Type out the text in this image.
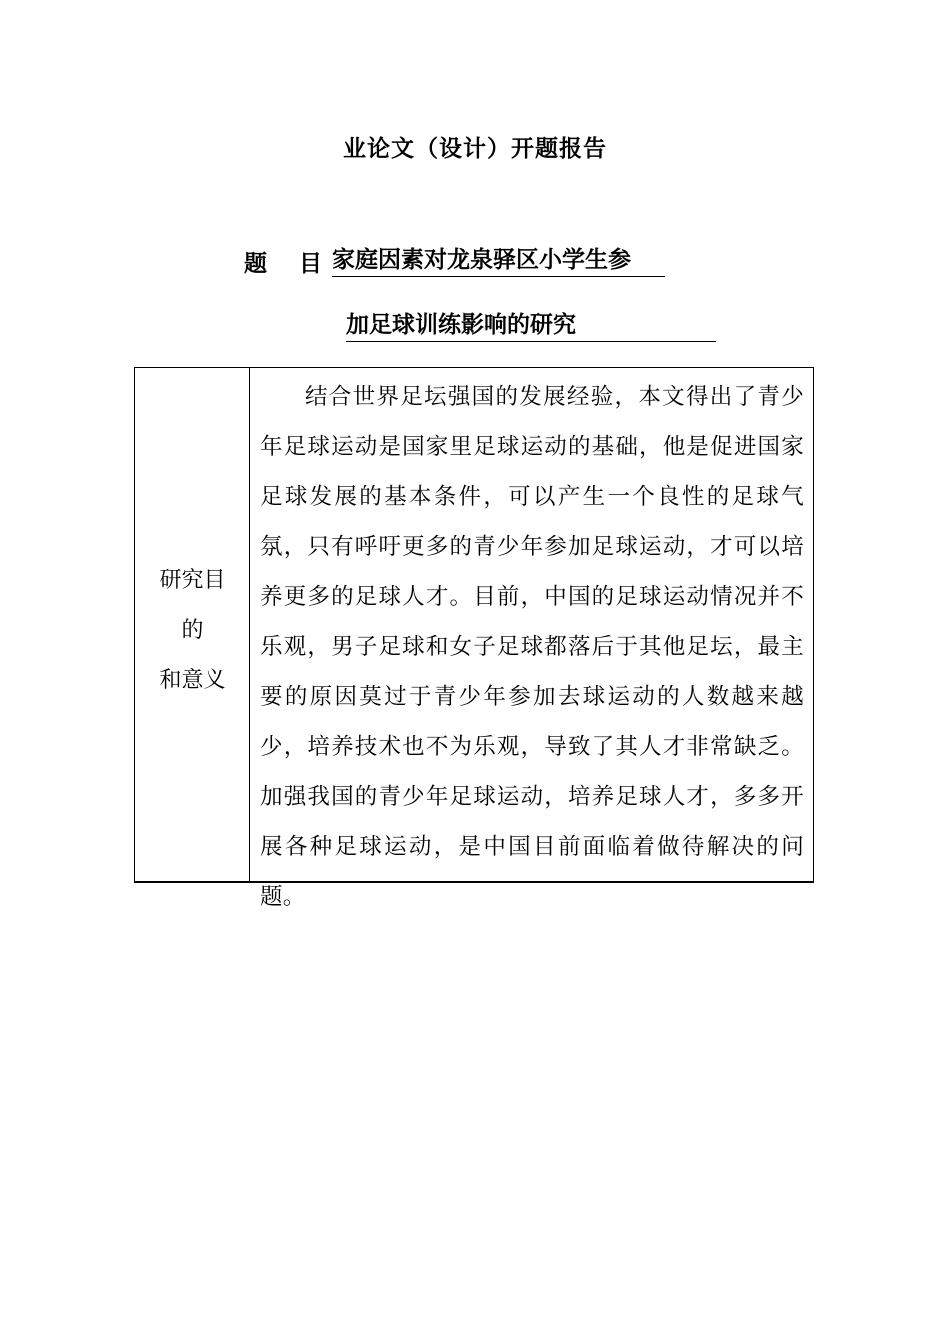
业论文（设计）开题报告
题    目 家庭因素对龙泉驿区小学生参
加足球训练影响的研究
研究目
的
和意义

结合世界足坛强国的发展经验，本文得出了青少年足球运动是国家里足球运动的基础，他是促进国家足球发展的基本条件，可以产生一个良性的足球气氛，只有呼吁更多的青少年参加足球运动，才可以培养更多的足球人才。目前，中国的足球运动情况并不乐观，男子足球和女子足球都落后于其他足坛，最主要的原因莫过于青少年参加去球运动的人数越来越少，培养技术也不为乐观，导致了其人才非常缺乏。加强我国的青少年足球运动，培养足球人才，多多开展各种足球运动，是中国目前面临着做待解决的问题。
